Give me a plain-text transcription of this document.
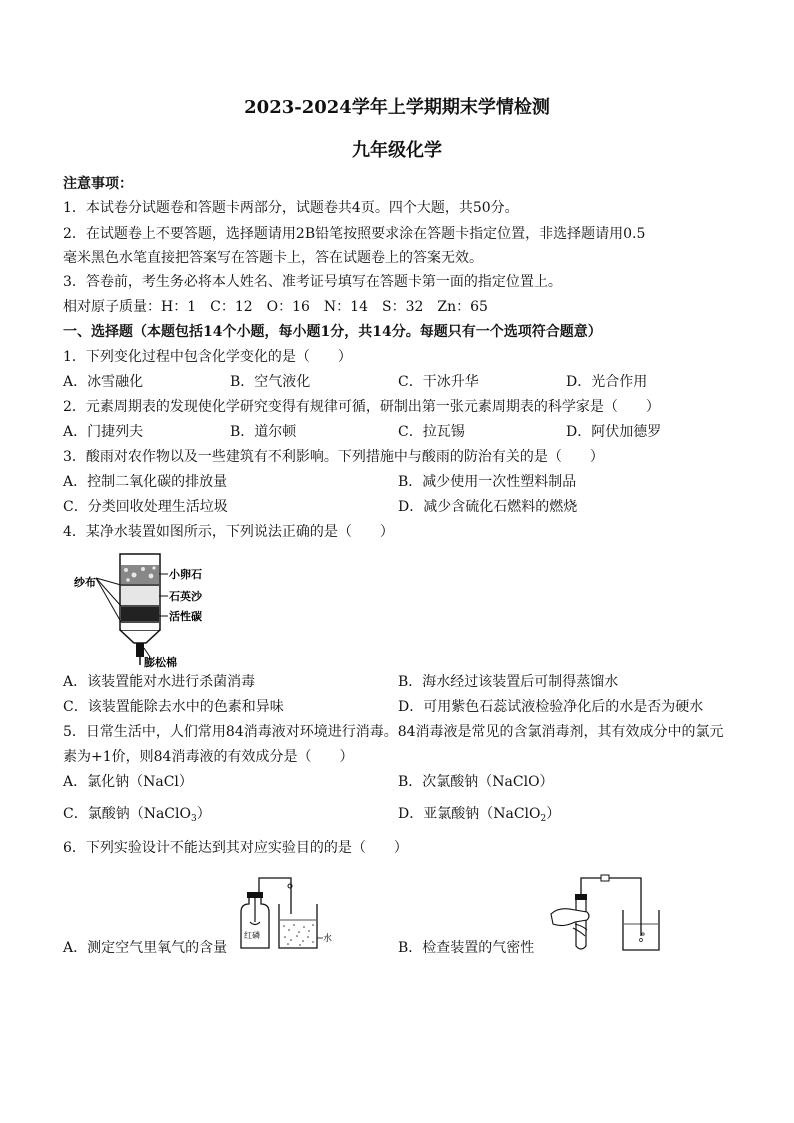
2023-2024学年上学期期末学情检测
九年级化学
注意事项：
1．本试卷分试题卷和答题卡两部分，试题卷共4页。四个大题，共50分。
2．在试题卷上不要答题，选择题请用2B铅笔按照要求涂在答题卡指定位置，非选择题请用0.5
毫米黑色水笔直接把答案写在答题卡上，答在试题卷上的答案无效。
3．答卷前，考生务必将本人姓名、准考证号填写在答题卡第一面的指定位置上。
相对原子质量：H：1　C：12　O：16　N：14　S：32　Zn：65
一、选择题（本题包括14个小题，每小题1分，共14分。每题只有一个选项符合题意）
1．下列变化过程中包含化学变化的是（　　）
A．冰雪融化	B．空气液化	C．干冰升华	D．光合作用
2．元素周期表的发现使化学研究变得有规律可循，研制出第一张元素周期表的科学家是（　　）
A．门捷列夫	B．道尔顿	C．拉瓦锡	D．阿伏加德罗
3．酸雨对农作物以及一些建筑有不利影响。下列措施中与酸雨的防治有关的是（　　）
A．控制二氧化碳的排放量	B．减少使用一次性塑料制品
C．分类回收处理生活垃圾	D．减少含硫化石燃料的燃烧
4．某净水装置如图所示，下列说法正确的是（　　）
纱布
小卵石
石英沙
活性碳
膨松棉
A．该装置能对水进行杀菌消毒	B．海水经过该装置后可制得蒸馏水
C．该装置能除去水中的色素和异味	D．可用紫色石蕊试液检验净化后的水是否为硬水
5．日常生活中，人们常用84消毒液对环境进行消毒。84消毒液是常见的含氯消毒剂，其有效成分中的氯元
素为+1价，则84消毒液的有效成分是（　　）
A．氯化钠（NaCl）	B．次氯酸钠（NaClO）
C．氯酸钠（NaClO$_3$）	D．亚氯酸钠（NaClO$_2$）
6．下列实验设计不能达到其对应实验目的的是（　　）
A．测定空气里氧气的含量
红磷	水
B．检查装置的气密性
